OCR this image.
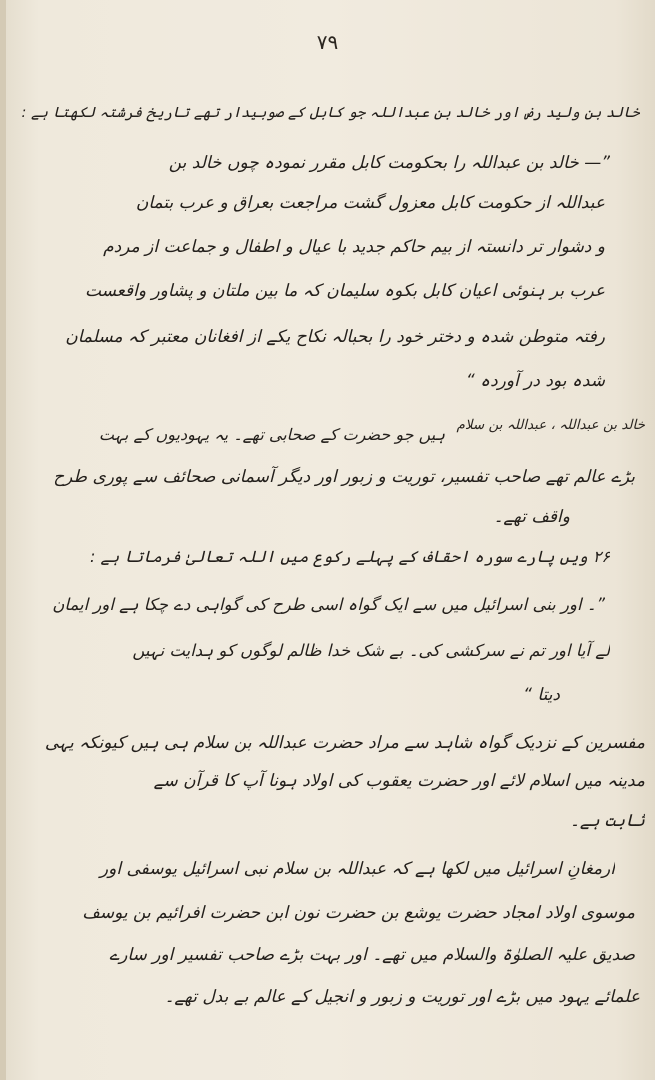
۷۹
خالد بن ولید رض اور خالد بن عبداللہ جو کابل کے صوبیدار تھے تاریخ فرشتہ لکھتا ہے :
”— خالد بن عبداللہ را بحکومت کابل مقرر نمودہ چوں خالد بن
عبداللہ از حکومت کابل معزول گشت مراجعت بعراق و عرب بتمان
و دشوار تر دانستہ از بیم حاکم جدید با عیال و اطفال و جماعت از مردم
عرب بر ہنوئی اعیان کابل بکوہ سلیمان کہ ما بین ملتان و پشاور واقعست
رفتہ متوطن شدہ و دختر خود را بحبالہ نکاح یکے از افغانان معتبر کہ مسلمان
شدہ بود در آوردہ “
خالد بن عبداللہ ، عبداللہ بن سلام
ہیں جو حضرت کے صحابی تھے۔ یہ یہودیوں کے بہت
بڑے عالم تھے صاحب تفسیر، توریت و زبور اور دیگر آسمانی صحائف سے پوری طرح
واقف تھے۔
۲۶ ویں پارے سورہ احقاف کے پہلے رکوع میں اللہ تعالیٰ فرماتا ہے :
”۔ اور بنی اسرائیل میں سے ایک گواہ اسی طرح کی گواہی دے چکا ہے اور ایمان
لے آیا اور تم نے سرکشی کی۔ بے شک خدا ظالم لوگوں کو ہدایت نہیں
دیتا “
مفسرین کے نزدیک گواہ شاہد سے مراد حضرت عبداللہ بن سلام ہی ہیں کیونکہ یہی
مدینہ میں اسلام لائے اور حضرت یعقوب کی اولاد ہونا آپ کا قرآن سے
ثابت ہے۔
ارمغانِ اسرائیل میں لکھا ہے کہ عبداللہ بن سلام نبی اسرائیل یوسفی اور
موسوی اولاد امجاد حضرت یوشع بن حضرت نون ابن حضرت افرائیم بن یوسف
صدیق علیہ الصلوٰۃ والسلام میں تھے۔ اور بہت بڑے صاحب تفسیر اور سارے
علمائے یہود میں بڑے اور توریت و زبور و انجیل کے عالم بے بدل تھے۔
